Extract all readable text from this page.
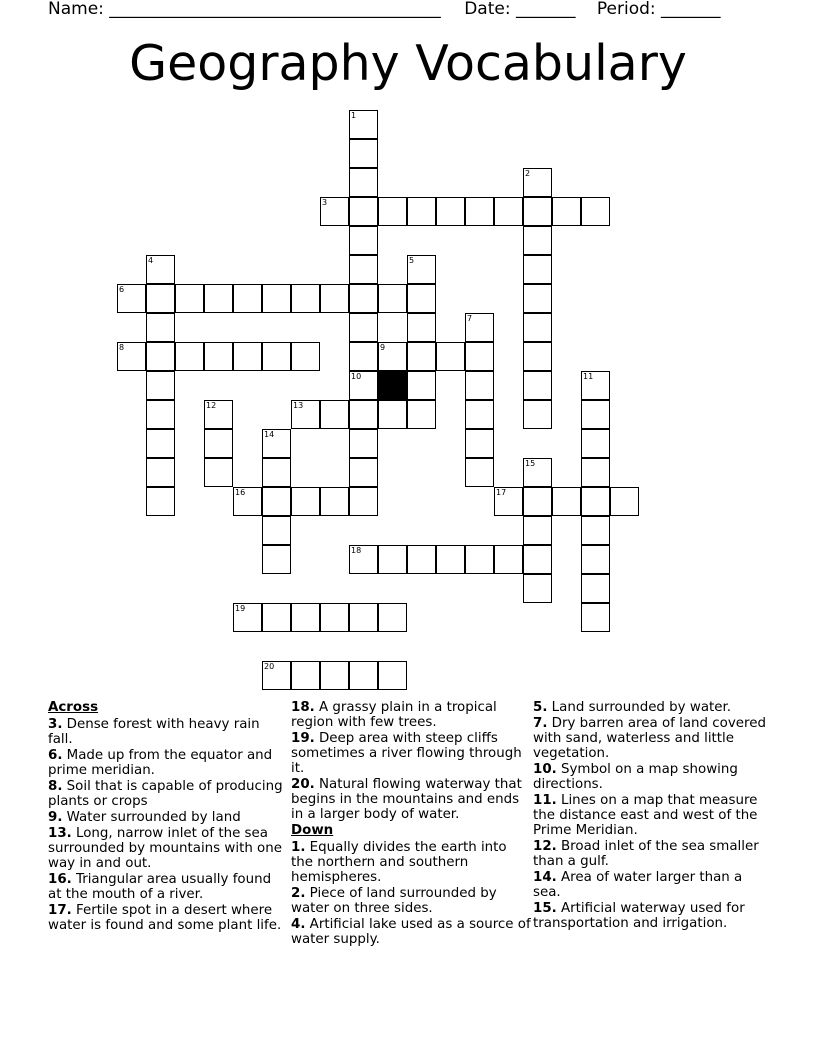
Name: _______________________________________ Date: _______ Period: _______
Geography Vocabulary
1
10
2
3
4	5
6
7
8	9
11
12	13
14
15
16	17
18
19
20
Across
3. Dense forest with heavy rain fall.
6. Made up from the equator and prime meridian.
8. Soil that is capable of producing plants or crops
9. Water surrounded by land
13. Long, narrow inlet of the sea surrounded by mountains with one way in and out.
16. Triangular area usually found at the mouth of a river.
17. Fertile spot in a desert where water is found and some plant life.
18. A grassy plain in a tropical region with few trees.
19. Deep area with steep cliffs sometimes a river flowing through it.
20. Natural flowing waterway that begins in the mountains and ends in a larger body of water.
Down
1. Equally divides the earth into the northern and southern hemispheres.
2. Piece of land surrounded by water on three sides.
4. Artificial lake used as a source of water supply.
5. Land surrounded by water.
7. Dry barren area of land covered with sand, waterless and little vegetation.
10. Symbol on a map showing directions.
11. Lines on a map that measure the distance east and west of the Prime Meridian.
12. Broad inlet of the sea smaller than a gulf.
14. Area of water larger than a sea.
15. Artificial waterway used for transportation and irrigation.
